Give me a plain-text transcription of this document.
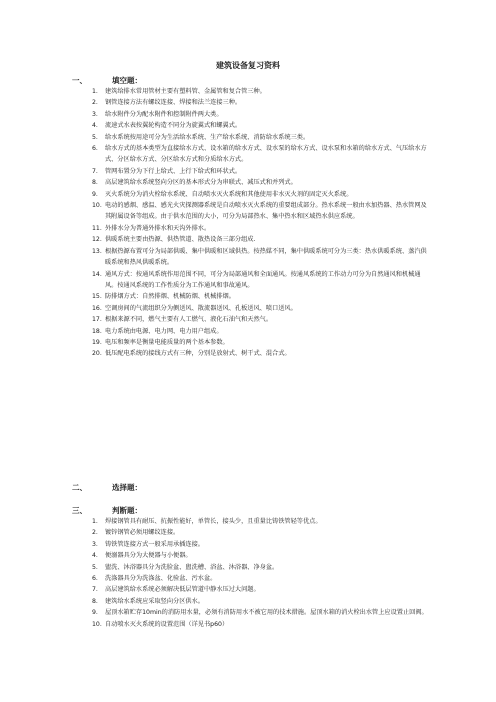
建筑设备复习资料
一、	填空题：
1. 建筑给排水常用管材主要有塑料管、金属管和复合管三种。
2. 钢管连接方法有螺纹连接、焊接和法兰连接三种。
3. 给水附件分为配水附件和控制附件两大类。
4. 流速式水表按翼轮构造不同分为旋翼式和螺翼式。
5. 给水系统按用途可分为生活给水系统、生产给水系统、消防给水系统三类。
6. 给水方式的基本类型为直接给水方式、设水箱的给水方式、设水泵的给水方式、设水泵和水箱的给水方式、气压给水方式、分区给水方式、分区给水方式和分质给水方式。
7. 管网布置分为下行上给式、上行下给式和环状式。
8. 高层建筑给水系统竖向分区的基本形式分为串联式、减压式和并列式。
9. 灭火系统分为消火栓给水系统、自动喷水灭火系统和其他使用非水灭火剂的固定灭火系统。
10. 电动的感烟、感温、感光火灾探测器系统是自动喷水灭火系统的重要组成部分。热水系统一般由水加热器、热水管网及其附属设备等组成。由于供水范围的大小，可分为局部热水、集中热水和区域热水供应系统。
11. 外排水分为普通外排水和天沟外排水。
12. 供暖系统主要由热源、供热管道、散热设备三部分组成.
13. 根据热源布置可分为局部供暖、集中供暖和区域供热。按热媒不同，集中供暖系统可分为三类：热水供暖系统、蒸汽供暖系统和热风供暖系统。
14. 通风方式：按通风系统作用范围不同，可分为局部通风和全面通风。按通风系统的工作动力可分为自然通风和机械通风。按通风系统的工作性质分为工作通风和事故通风。
15. 防排烟方式：自然排烟、机械防烟、机械排烟。
16. 空调房间的气流组织分为侧送风、散流器送风、孔板送风、喷口送风。
17. 根据来源不同，燃气主要有人工燃气、液化石油气和天然气。
18. 电力系统由电源、电力网、电力用户组成。
19. 电压和频率是衡量电能质量的两个基本参数。
20. 低压配电系统的接线方式有三种，分别是放射式、树干式、混合式。
二、	选择题：
三、	判断题：
1. 焊接钢管具有耐压、抗振性能好，单管长，接头少，且重量比铸铁管轻等优点。
2. 镀锌钢管必须用螺纹连接。
3. 铸铁管连接方式一般采用承插连接。
4. 便溺器具分为大便器与小便器。
5. 盥洗、沐浴器具分为洗脸盆、盥洗槽、浴盆、沐浴器、净身盆。
6. 洗涤器具分为洗涤盆、化验盆、污水盆。
7. 高层建筑给水系统必须解决低层管道中静水压过大问题。
8. 建筑给水系统应采取竖向分区供水。
9. 屋顶水箱贮存10min的消防用水量，必须有消防用水不被它用的技术措施。屋顶水箱的消火栓出水管上应设置止回阀。
10. 自动喷水灭火系统的设置范围（详见书p60）
